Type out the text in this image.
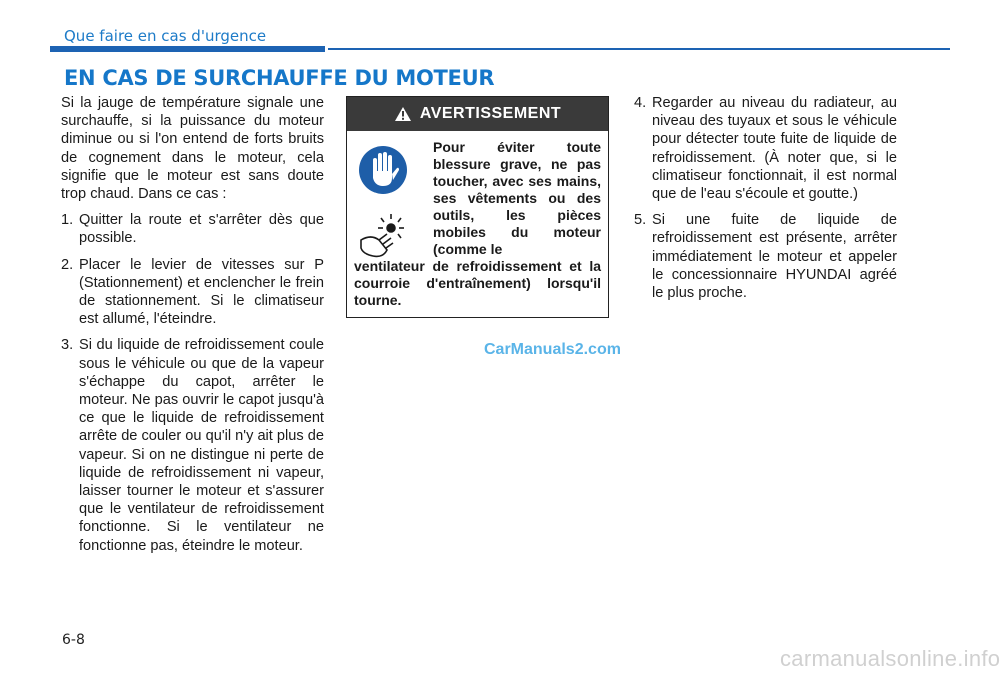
Que faire en cas d'urgence
EN CAS DE SURCHAUFFE DU MOTEUR

Si la jauge de température signale une surchauffe, si la puissance du moteur diminue ou si l'on entend de forts bruits de cognement dans le moteur, cela signifie que le moteur est sans doute trop chaud. Dans ce cas :

1. Quitter la route et s'arrêter dès que possible.
2. Placer le levier de vitesses sur P (Stationnement) et enclencher le frein de stationnement. Si le climatiseur est allumé, l'éteindre.
3. Si du liquide de refroidissement coule sous le véhicule ou que de la vapeur s'échappe du capot, arrêter le moteur. Ne pas ouvrir le capot jusqu'à ce que le liquide de refroidissement arrête de couler ou qu'il n'y ait plus de vapeur. Si on ne distingue ni perte de liquide de refroidissement ni vapeur, laisser tourner le moteur et s'assurer que le ventilateur de refroidissement fonctionne. Si le ventilateur ne fonctionne pas, éteindre le moteur.
AVERTISSEMENT

Pour éviter toute blessure grave, ne pas toucher, avec ses mains, ses vêtements ou des outils, les pièces mobiles du moteur (comme le
ventilateur de refroidissement et la courroie d'entraînement) lorsqu'il tourne.
CarManuals2.com
4. Regarder au niveau du radiateur, au niveau des tuyaux et sous le véhicule pour détecter toute fuite de liquide de refroidissement. (À noter que, si le climatiseur fonctionnait, il est normal que de l'eau s'écoule et goutte.)
5. Si une fuite de liquide de refroidissement est présente, arrêter immédiatement le moteur et appeler le concessionnaire HYUNDAI agréé le plus proche.
6-8
carmanualsonline.info
